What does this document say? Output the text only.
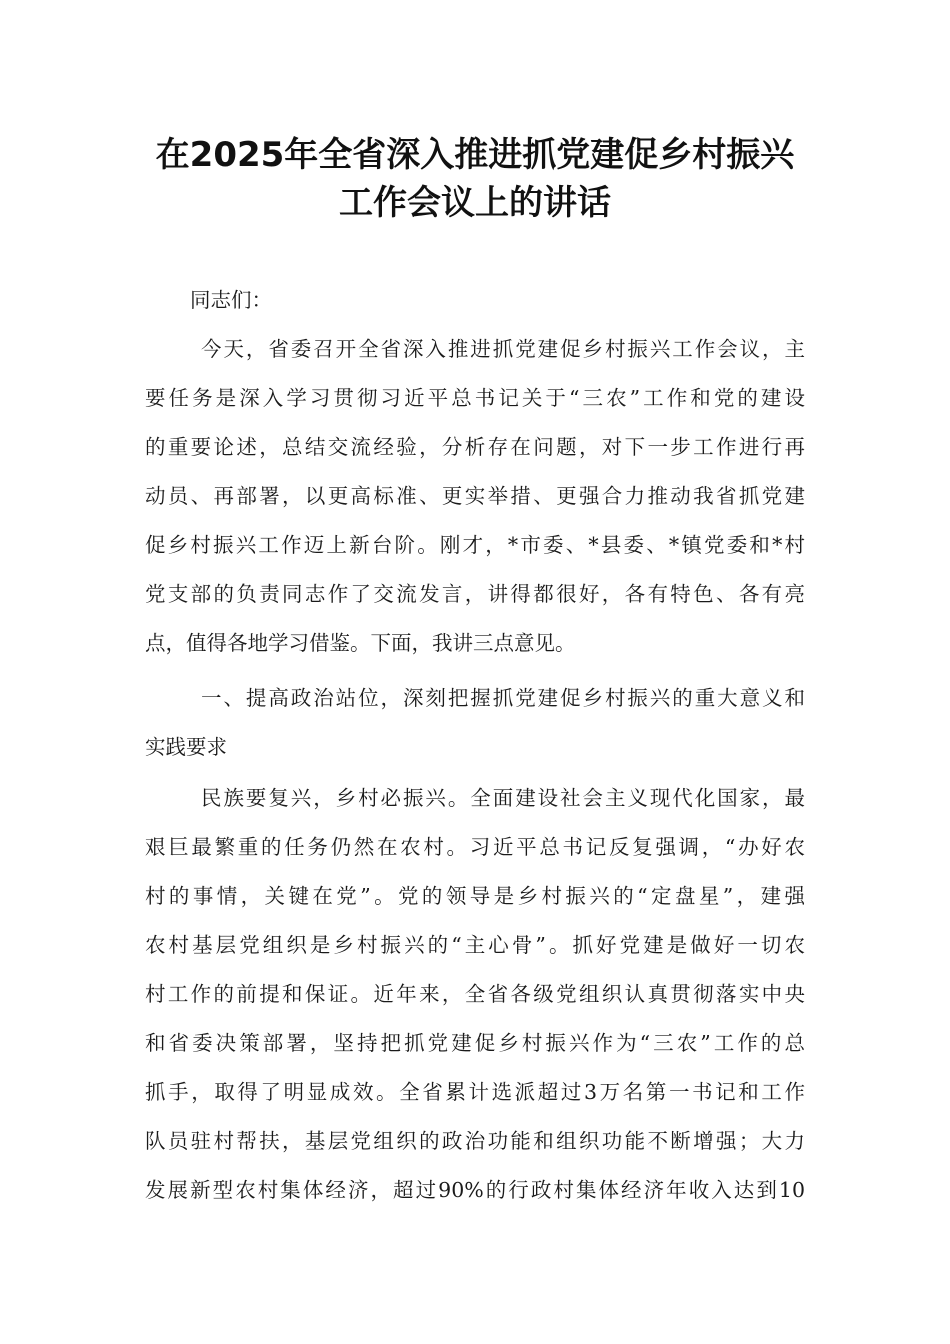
在2025年全省深入推进抓党建促乡村振兴
工作会议上的讲话
同志们：
今天，省委召开全省深入推进抓党建促乡村振兴工作会议，主
要任务是深入学习贯彻习近平总书记关于“三农”工作和党的建设
的重要论述，总结交流经验，分析存在问题，对下一步工作进行再
动员、再部署，以更高标准、更实举措、更强合力推动我省抓党建
促乡村振兴工作迈上新台阶。刚才，*市委、*县委、*镇党委和*村
党支部的负责同志作了交流发言，讲得都很好，各有特色、各有亮
点，值得各地学习借鉴。下面，我讲三点意见。
一、提高政治站位，深刻把握抓党建促乡村振兴的重大意义和
实践要求
民族要复兴，乡村必振兴。全面建设社会主义现代化国家，最
艰巨最繁重的任务仍然在农村。习近平总书记反复强调，“办好农
村的事情，关键在党”。党的领导是乡村振兴的“定盘星”，建强
农村基层党组织是乡村振兴的“主心骨”。抓好党建是做好一切农
村工作的前提和保证。近年来，全省各级党组织认真贯彻落实中央
和省委决策部署，坚持把抓党建促乡村振兴作为“三农”工作的总
抓手，取得了明显成效。全省累计选派超过3万名第一书记和工作
队员驻村帮扶，基层党组织的政治功能和组织功能不断增强；大力
发展新型农村集体经济，超过90%的行政村集体经济年收入达到10
